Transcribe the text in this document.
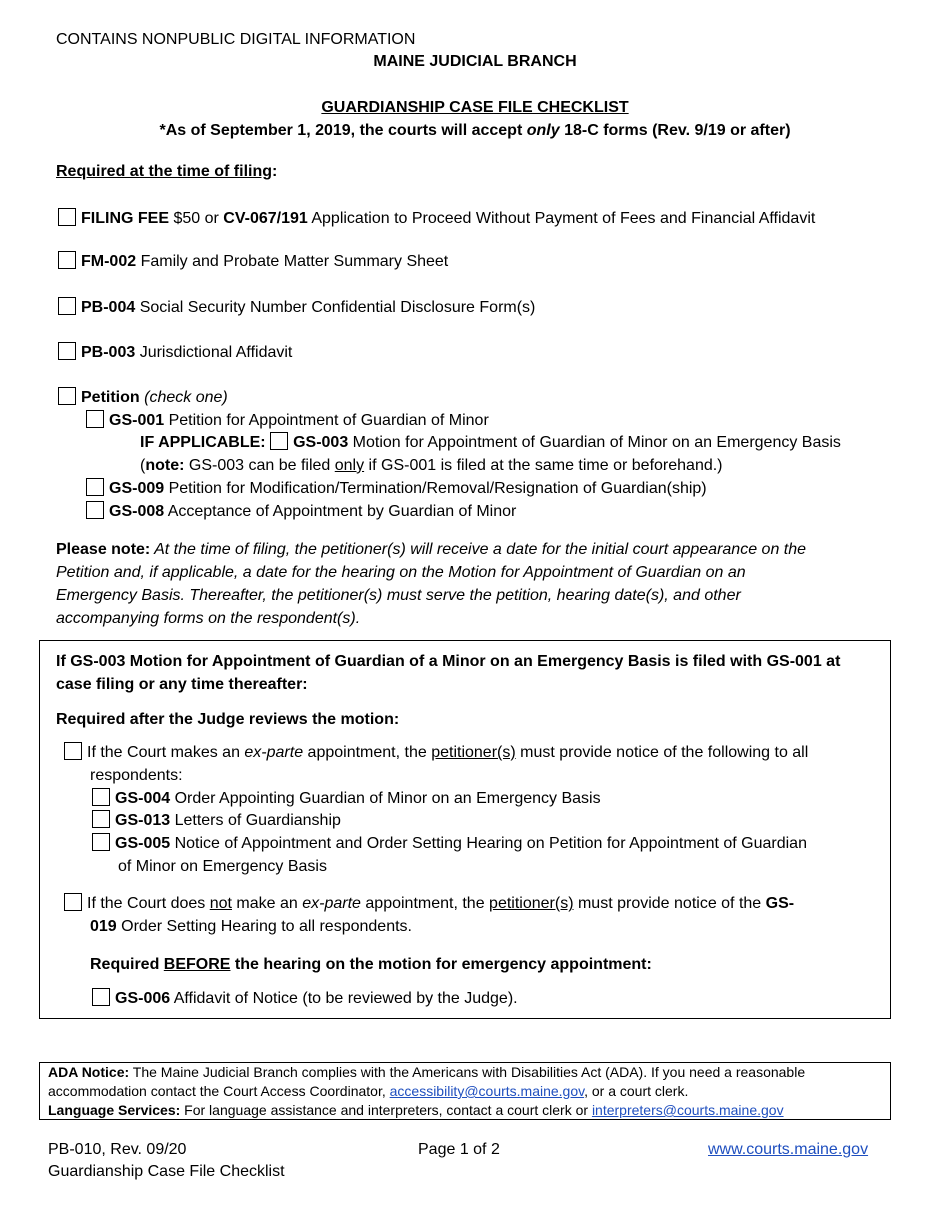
CONTAINS NONPUBLIC DIGITAL INFORMATION
MAINE JUDICIAL BRANCH
GUARDIANSHIP CASE FILE CHECKLIST
*As of September 1, 2019, the courts will accept only 18-C forms (Rev. 9/19 or after)
Required at the time of filing:
FILING FEE $50 or CV-067/191 Application to Proceed Without Payment of Fees and Financial Affidavit
FM-002 Family and Probate Matter Summary Sheet
PB-004 Social Security Number Confidential Disclosure Form(s)
PB-003 Jurisdictional Affidavit
Petition (check one)
GS-001 Petition for Appointment of Guardian of Minor
IF APPLICABLE: GS-003 Motion for Appointment of Guardian of Minor on an Emergency Basis
(note: GS-003 can be filed only if GS-001 is filed at the same time or beforehand.)
GS-009 Petition for Modification/Termination/Removal/Resignation of Guardian(ship)
GS-008 Acceptance of Appointment by Guardian of Minor
Please note: At the time of filing, the petitioner(s) will receive a date for the initial court appearance on the
Petition and, if applicable, a date for the hearing on the Motion for Appointment of Guardian on an
Emergency Basis. Thereafter, the petitioner(s) must serve the petition, hearing date(s), and other
accompanying forms on the respondent(s).
If GS-003 Motion for Appointment of Guardian of a Minor on an Emergency Basis is filed with GS-001 at
case filing or any time thereafter:
Required after the Judge reviews the motion:
If the Court makes an ex-parte appointment, the petitioner(s) must provide notice of the following to all
respondents:
GS-004 Order Appointing Guardian of Minor on an Emergency Basis
GS-013 Letters of Guardianship
GS-005 Notice of Appointment and Order Setting Hearing on Petition for Appointment of Guardian
of Minor on Emergency Basis
If the Court does not make an ex-parte appointment, the petitioner(s) must provide notice of the GS-
019 Order Setting Hearing to all respondents.
Required BEFORE the hearing on the motion for emergency appointment:
GS-006 Affidavit of Notice (to be reviewed by the Judge).
ADA Notice: The Maine Judicial Branch complies with the Americans with Disabilities Act (ADA). If you need a reasonable
accommodation contact the Court Access Coordinator, accessibility@courts.maine.gov, or a court clerk.
Language Services: For language assistance and interpreters, contact a court clerk or interpreters@courts.maine.gov
PB-010, Rev. 09/20
Guardianship Case File Checklist
Page 1 of 2	www.courts.maine.gov
